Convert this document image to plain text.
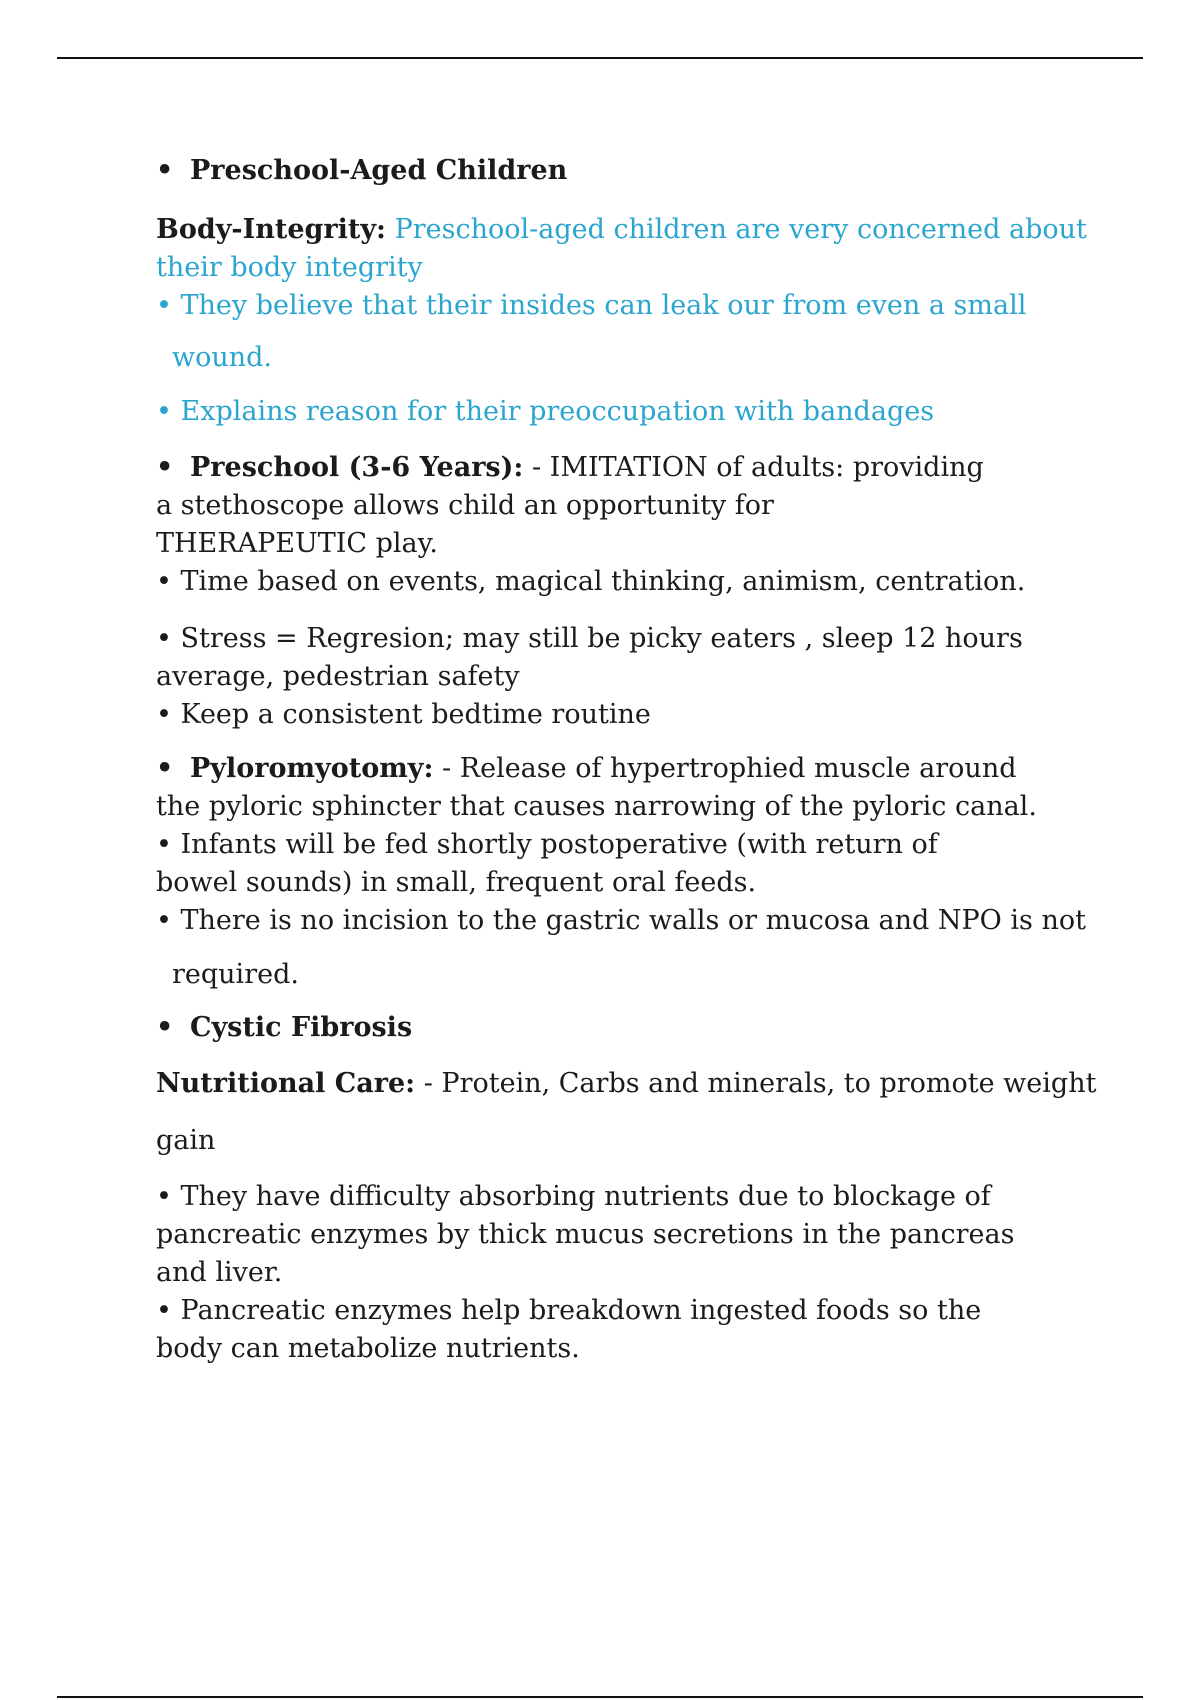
• Preschool-Aged Children
Body-Integrity: Preschool-aged children are very concerned about
their body integrity
• They believe that their insides can leak our from even a small
wound.
• Explains reason for their preoccupation with bandages
• Preschool (3-6 Years): - IMITATION of adults: providing
a stethoscope allows child an opportunity for
THERAPEUTIC play.
• Time based on events, magical thinking, animism, centration.
• Stress = Regresion; may still be picky eaters , sleep 12 hours
average, pedestrian safety
• Keep a consistent bedtime routine
• Pyloromyotomy: - Release of hypertrophied muscle around
the pyloric sphincter that causes narrowing of the pyloric canal.
• Infants will be fed shortly postoperative (with return of
bowel sounds) in small, frequent oral feeds.
• There is no incision to the gastric walls or mucosa and NPO is not
required.
• Cystic Fibrosis
Nutritional Care: - Protein, Carbs and minerals, to promote weight
gain
• They have difficulty absorbing nutrients due to blockage of
pancreatic enzymes by thick mucus secretions in the pancreas
and liver.
• Pancreatic enzymes help breakdown ingested foods so the
body can metabolize nutrients.
